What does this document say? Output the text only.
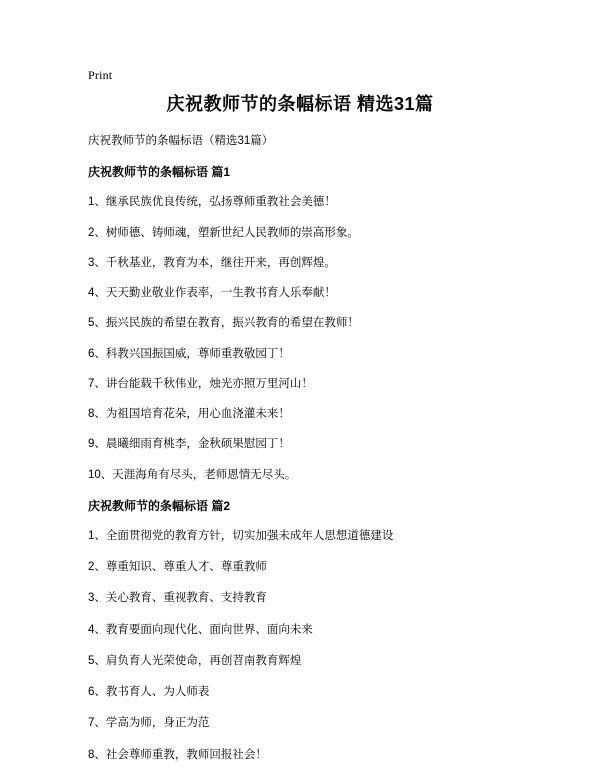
Print
庆祝教师节的条幅标语 精选31篇

庆祝教师节的条幅标语（精选31篇）

庆祝教师节的条幅标语 篇1

1、继承民族优良传统，弘扬尊师重教社会美德！

2、树师德、铸师魂，塑新世纪人民教师的崇高形象。

3、千秋基业，教育为本，继往开来，再创辉煌。

4、天天勤业敬业作表率，一生教书育人乐奉献！

5、振兴民族的希望在教育，振兴教育的希望在教师！

6、科教兴国振国威，尊师重教敬园丁！

7、讲台能载千秋伟业，烛光亦照万里河山！

8、为祖国培育花朵，用心血浇灌未来！

9、晨曦细雨育桃李，金秋硕果慰园丁！

10、天涯海角有尽头，老师恩情无尽头。

庆祝教师节的条幅标语 篇2

1、全面贯彻党的教育方针，切实加强未成年人思想道德建设

2、尊重知识、尊重人才、尊重教师

3、关心教育、重视教育、支持教育

4、教育要面向现代化、面向世界、面向未来

5、肩负育人光荣使命，再创苕南教育辉煌

6、教书育人、为人师表

7、学高为师，身正为范

8、社会尊师重教，教师回报社会！
